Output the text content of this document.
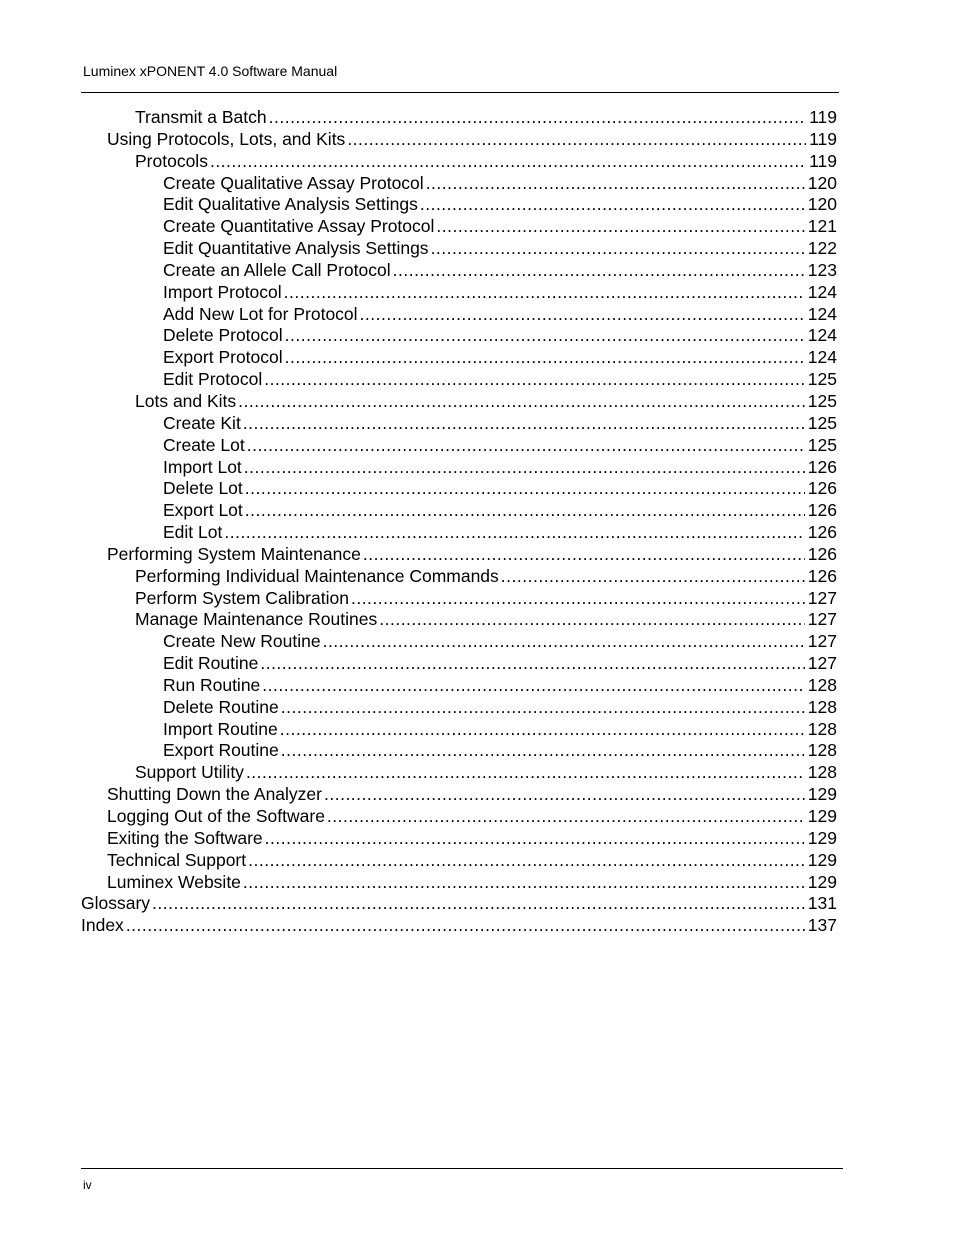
Luminex xPONENT 4.0 Software Manual
Transmit a Batch .....	119
Using Protocols, Lots, and Kits .....	119
Protocols .....	119
Create Qualitative Assay Protocol .....	120
Edit Qualitative Analysis Settings .....	120
Create Quantitative Assay Protocol .....	121
Edit Quantitative Analysis Settings .....	122
Create an Allele Call Protocol .....	123
Import Protocol .....	124
Add New Lot for Protocol .....	124
Delete Protocol .....	124
Export Protocol .....	124
Edit Protocol .....	125
Lots and Kits .....	125
Create Kit .....	125
Create Lot .....	125
Import Lot .....	126
Delete Lot .....	126
Export Lot .....	126
Edit Lot .....	126
Performing System Maintenance .....	126
Performing Individual Maintenance Commands .....	126
Perform System Calibration .....	127
Manage Maintenance Routines .....	127
Create New Routine .....	127
Edit Routine .....	127
Run Routine .....	128
Delete Routine .....	128
Import Routine .....	128
Export Routine .....	128
Support Utility .....	128
Shutting Down the Analyzer .....	129
Logging Out of the Software .....	129
Exiting the Software .....	129
Technical Support .....	129
Luminex Website .....	129
Glossary .....	131
Index .....	137
iv
